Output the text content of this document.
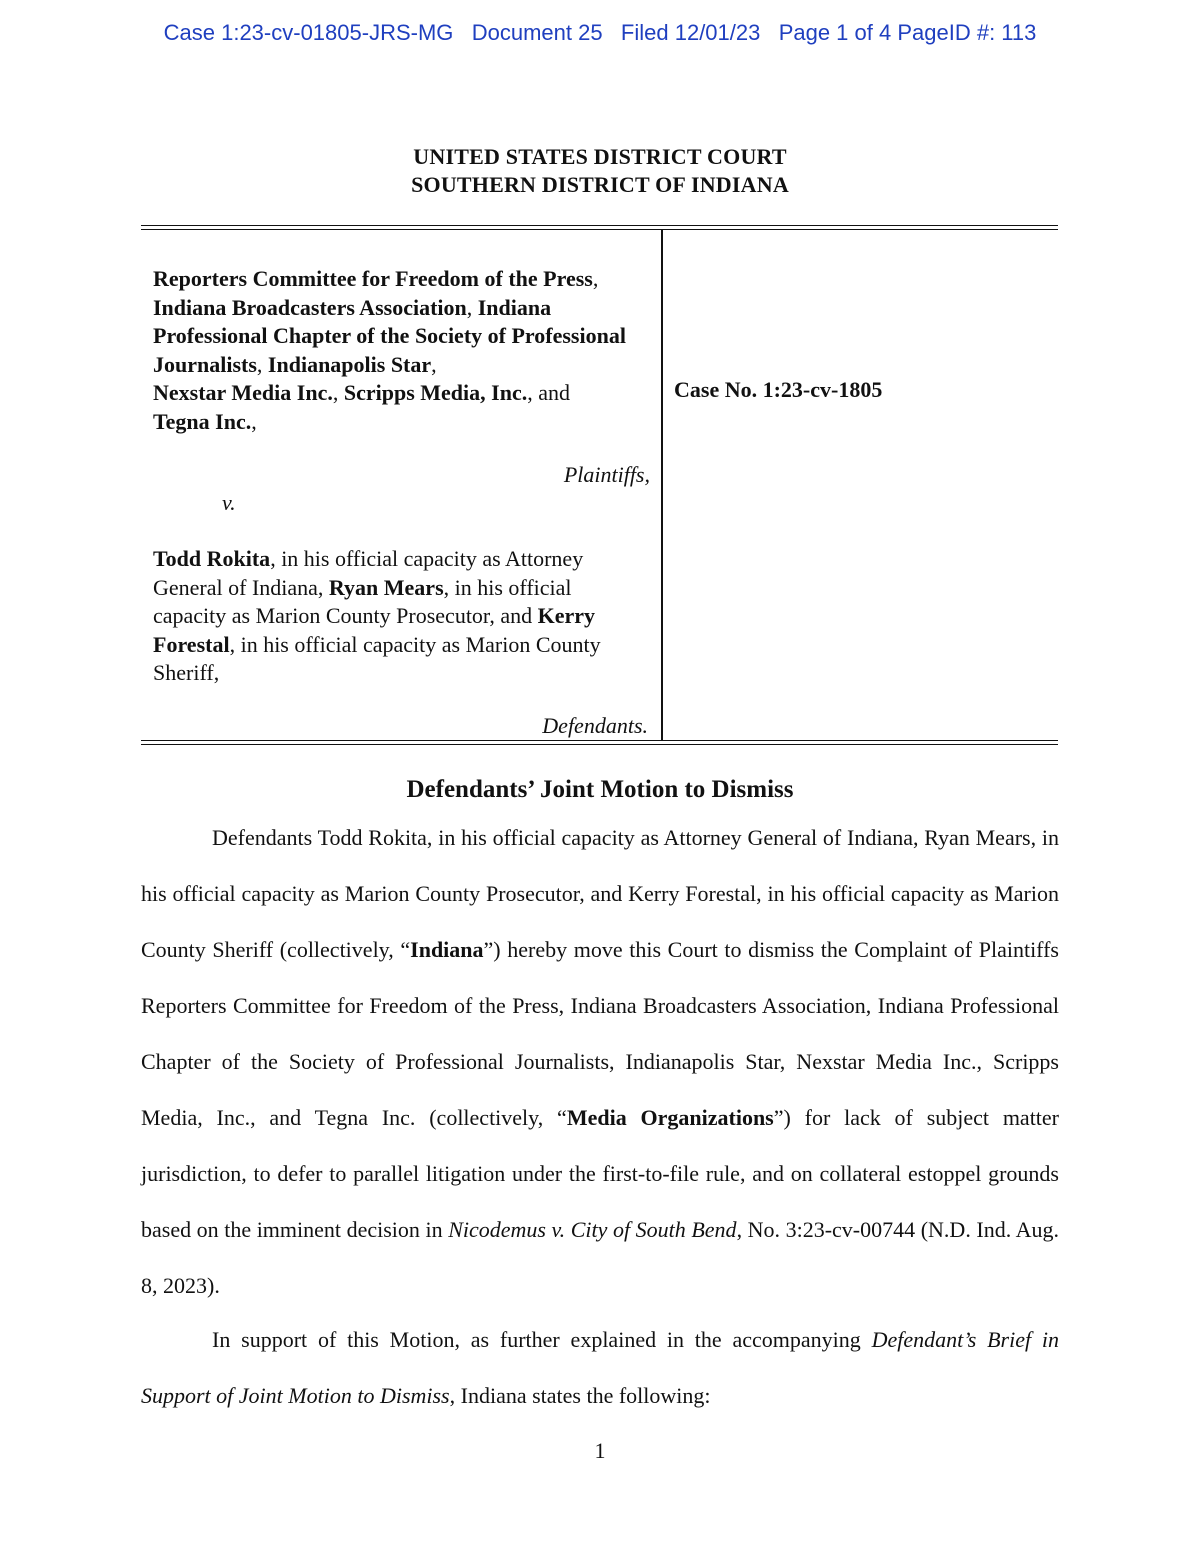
Case 1:23-cv-01805-JRS-MG   Document 25   Filed 12/01/23   Page 1 of 4 PageID #: 113
UNITED STATES DISTRICT COURT
SOUTHERN DISTRICT OF INDIANA
Reporters Committee for Freedom of the Press, Indiana Broadcasters Association, Indiana Professional Chapter of the Society of Professional Journalists, Indianapolis Star,
Nexstar Media Inc., Scripps Media, Inc., and
Tegna Inc.,
Plaintiffs,
v.
Todd Rokita, in his official capacity as Attorney General of Indiana, Ryan Mears, in his official capacity as Marion County Prosecutor, and Kerry Forestal, in his official capacity as Marion County Sheriff,
Defendants.
Case No. 1:23-cv-1805
Defendants’ Joint Motion to Dismiss
Defendants Todd Rokita, in his official capacity as Attorney General of Indiana, Ryan Mears, in his official capacity as Marion County Prosecutor, and Kerry Forestal, in his official capacity as Marion County Sheriff (collectively, “Indiana”) hereby move this Court to dismiss the Complaint of Plaintiffs Reporters Committee for Freedom of the Press, Indiana Broadcasters Association, Indiana Professional Chapter of the Society of Professional Journalists, Indianapolis Star, Nexstar Media Inc., Scripps Media, Inc., and Tegna Inc. (collectively, “Media Organizations”) for lack of subject matter jurisdiction, to defer to parallel litigation under the first-to-file rule, and on collateral estoppel grounds based on the imminent decision in Nicodemus v. City of South Bend, No. 3:23-cv-00744 (N.D. Ind. Aug. 8, 2023).
In support of this Motion, as further explained in the accompanying Defendant’s Brief in Support of Joint Motion to Dismiss, Indiana states the following:
1
